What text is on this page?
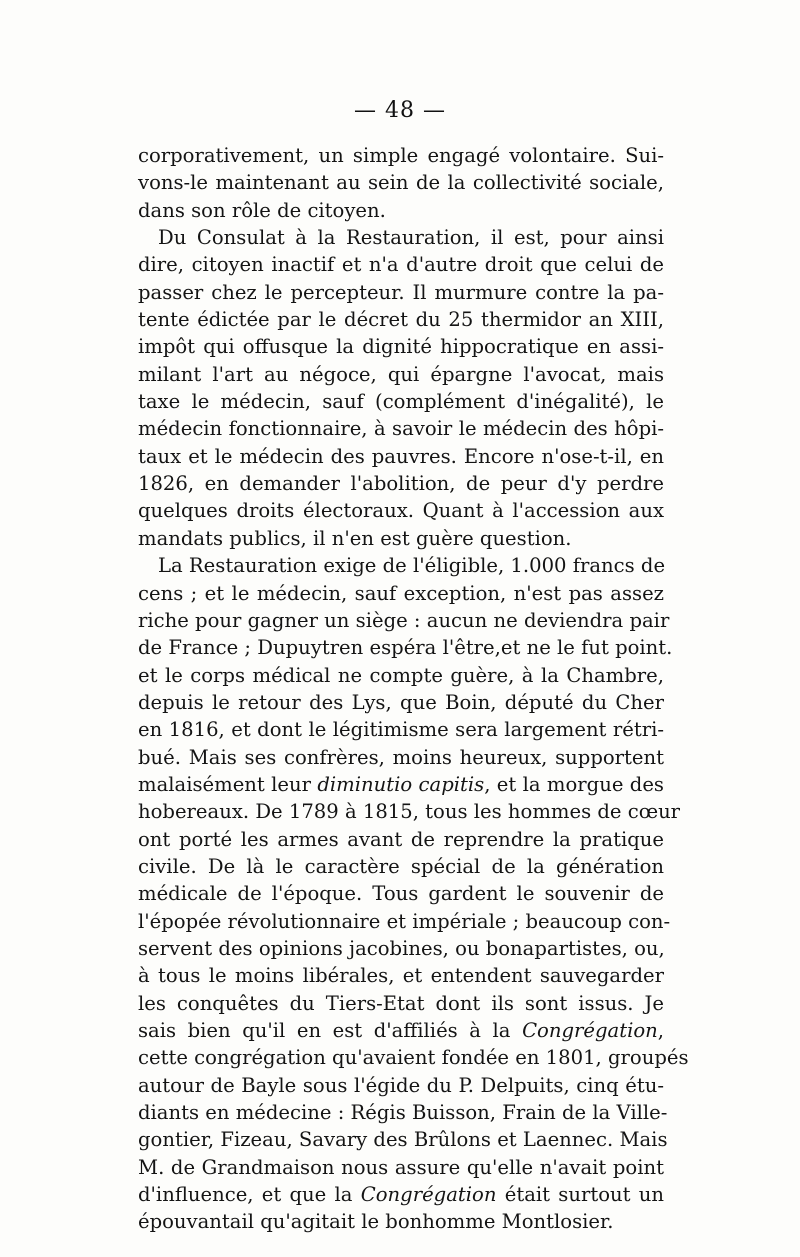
— 48 —
corporativement, un simple engagé volontaire. Sui-
vons-le maintenant au sein de la collectivité sociale,
dans son rôle de citoyen.
Du Consulat à la Restauration, il est, pour ainsi
dire, citoyen inactif et n'a d'autre droit que celui de
passer chez le percepteur. Il murmure contre la pa-
tente édictée par le décret du 25 thermidor an XIII,
impôt qui offusque la dignité hippocratique en assi-
milant l'art au négoce, qui épargne l'avocat, mais
taxe le médecin, sauf (complément d'inégalité), le
médecin fonctionnaire, à savoir le médecin des hôpi-
taux et le médecin des pauvres. Encore n'ose-t-il, en
1826, en demander l'abolition, de peur d'y perdre
quelques droits électoraux. Quant à l'accession aux
mandats publics, il n'en est guère question.
La Restauration exige de l'éligible, 1.000 francs de
cens ; et le médecin, sauf exception, n'est pas assez
riche pour gagner un siège : aucun ne deviendra pair
de France ; Dupuytren espéra l'être,et ne le fut point.
et le corps médical ne compte guère, à la Chambre,
depuis le retour des Lys, que Boin, député du Cher
en 1816, et dont le légitimisme sera largement rétri-
bué. Mais ses confrères, moins heureux, supportent
malaisément leur diminutio capitis, et la morgue des
hobereaux. De 1789 à 1815, tous les hommes de cœur
ont porté les armes avant de reprendre la pratique
civile. De là le caractère spécial de la génération
médicale de l'époque. Tous gardent le souvenir de
l'épopée révolutionnaire et impériale ; beaucoup con-
servent des opinions jacobines, ou bonapartistes, ou,
à tous le moins libérales, et entendent sauvegarder
les conquêtes du Tiers-Etat dont ils sont issus. Je
sais bien qu'il en est d'affiliés à la Congrégation,
cette congrégation qu'avaient fondée en 1801, groupés
autour de Bayle sous l'égide du P. Delpuits, cinq étu-
diants en médecine : Régis Buisson, Frain de la Ville-
gontier, Fizeau, Savary des Brûlons et Laennec. Mais
M. de Grandmaison nous assure qu'elle n'avait point
d'influence, et que la Congrégation était surtout un
épouvantail qu'agitait le bonhomme Montlosier.
